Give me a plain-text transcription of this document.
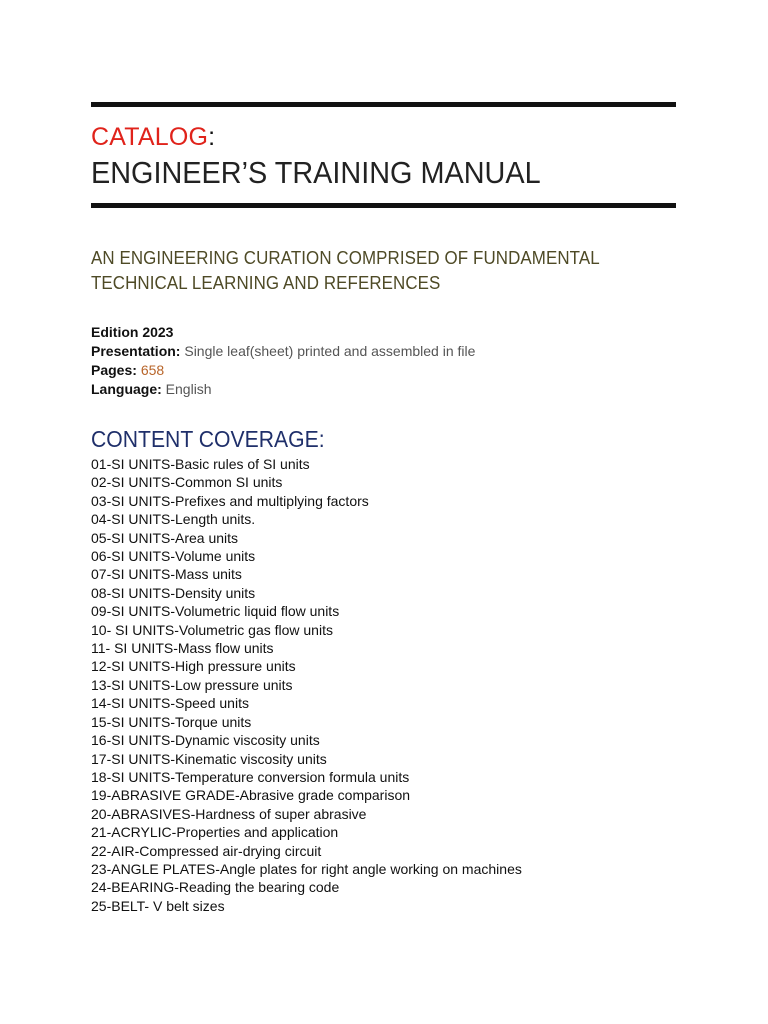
CATALOG:
ENGINEER’S TRAINING MANUAL
AN ENGINEERING CURATION COMPRISED OF FUNDAMENTAL
TECHNICAL LEARNING AND REFERENCES
Edition 2023
Presentation: Single leaf(sheet) printed and assembled in file
Pages: 658
Language: English
CONTENT COVERAGE:
01-SI UNITS-Basic rules of SI units
02-SI UNITS-Common SI units
03-SI UNITS-Prefixes and multiplying factors
04-SI UNITS-Length units.
05-SI UNITS-Area units
06-SI UNITS-Volume units
07-SI UNITS-Mass units
08-SI UNITS-Density units
09-SI UNITS-Volumetric liquid flow units
10- SI UNITS-Volumetric gas flow units
11- SI UNITS-Mass flow units
12-SI UNITS-High pressure units
13-SI UNITS-Low pressure units
14-SI UNITS-Speed units
15-SI UNITS-Torque units
16-SI UNITS-Dynamic viscosity units
17-SI UNITS-Kinematic viscosity units
18-SI UNITS-Temperature conversion formula units
19-ABRASIVE GRADE-Abrasive grade comparison
20-ABRASIVES-Hardness of super abrasive
21-ACRYLIC-Properties and application
22-AIR-Compressed air-drying circuit
23-ANGLE PLATES-Angle plates for right angle working on machines
24-BEARING-Reading the bearing code
25-BELT- V belt sizes
